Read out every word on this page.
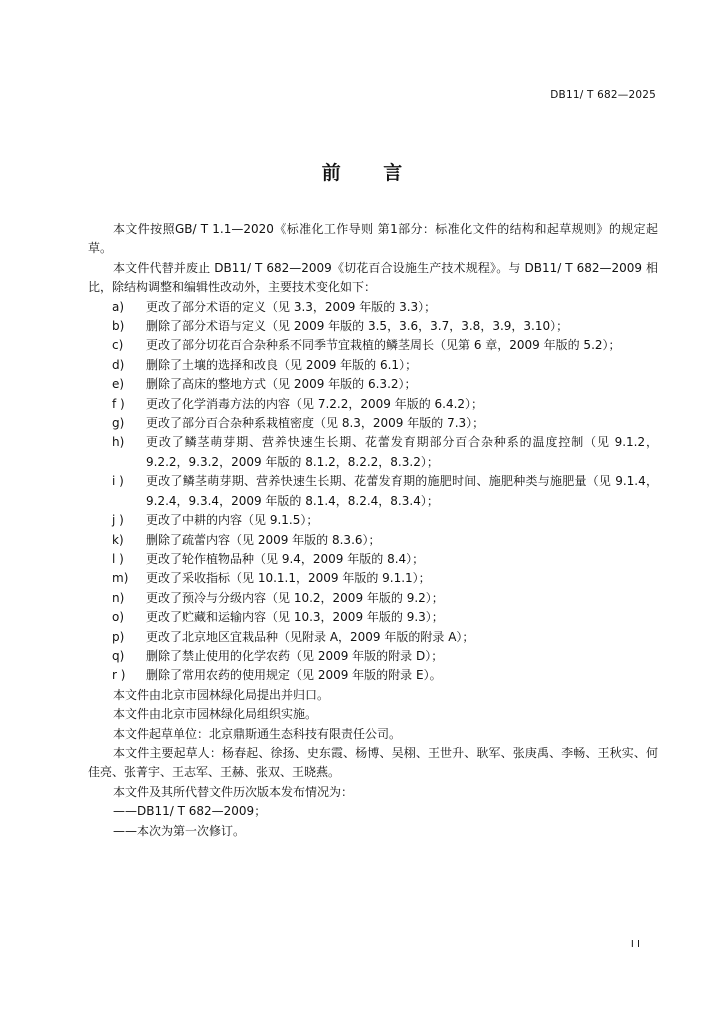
DB11/ T 682—2025
前 言

本文件按照GB/ T 1.1—2020《标准化工作导则 第1部分：标准化文件的结构和起草规则》的规定起草。

本文件代替并废止 DB11/ T 682—2009《切花百合设施生产技术规程》。与 DB11/ T 682—2009 相比，除结构调整和编辑性改动外，主要技术变化如下：

a)	更改了部分术语的定义（见 3.3，2009 年版的 3.3）；
b)	删除了部分术语与定义（见 2009 年版的 3.5，3.6，3.7，3.8，3.9，3.10）；
c)	更改了部分切花百合杂种系不同季节宜栽植的鳞茎周长（见第 6 章，2009 年版的 5.2）；
d)	删除了土壤的选择和改良（见 2009 年版的 6.1）；
e)	删除了高床的整地方式（见 2009 年版的 6.3.2）；
f )	更改了化学消毒方法的内容（见 7.2.2，2009 年版的 6.4.2）；
g)	更改了部分百合杂种系栽植密度（见 8.3，2009 年版的 7.3）；
h)	更改了鳞茎萌芽期、营养快速生长期、花蕾发育期部分百合杂种系的温度控制（见 9.1.2，9.2.2，9.3.2，2009 年版的 8.1.2，8.2.2，8.3.2）；
i )	更改了鳞茎萌芽期、营养快速生长期、花蕾发育期的施肥时间、施肥种类与施肥量（见 9.1.4，9.2.4，9.3.4，2009 年版的 8.1.4，8.2.4，8.3.4）；
j )	更改了中耕的内容（见 9.1.5）；
k)	删除了疏蕾内容（见 2009 年版的 8.3.6）；
l )	更改了轮作植物品种（见 9.4，2009 年版的 8.4）；
m)	更改了采收指标（见 10.1.1，2009 年版的 9.1.1）；
n)	更改了预冷与分级内容（见 10.2，2009 年版的 9.2）；
o)	更改了贮藏和运输内容（见 10.3，2009 年版的 9.3）；
p)	更改了北京地区宜栽品种（见附录 A，2009 年版的附录 A）；
q)	删除了禁止使用的化学农药（见 2009 年版的附录 D）；
r )	删除了常用农药的使用规定（见 2009 年版的附录 E）。

本文件由北京市园林绿化局提出并归口。

本文件由北京市园林绿化局组织实施。

本文件起草单位：北京鼎斯通生态科技有限责任公司。

本文件主要起草人：杨春起、徐扬、史东霞、杨博、吴栩、王世升、耿军、张庚禹、李畅、王秋实、何佳亮、张菁宇、王志军、王赫、张双、王晓燕。

本文件及其所代替文件历次版本发布情况为：

——DB11/ T 682—2009；

——本次为第一次修订。

I I
